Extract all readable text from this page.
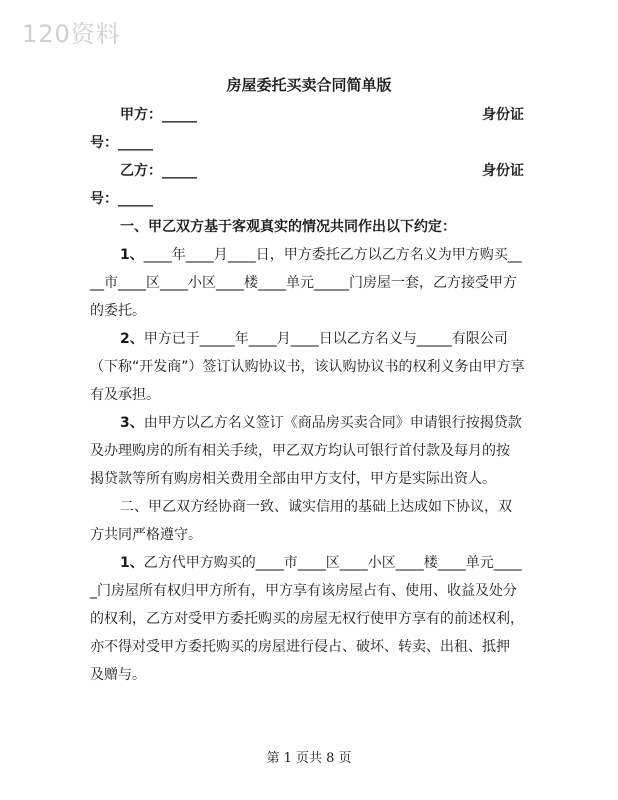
120资料
房屋委托买卖合同简单版
甲方：_____	身份证
号：_____
乙方：_____	身份证
号：_____
一、甲乙双方基于客观真实的情况共同作出以下约定：
1、____年____月____日，甲方委托乙方以乙方名义为甲方购买__
__市____区____小区____楼____单元_____门房屋一套，乙方接受甲方
的委托。
2、甲方已于_____年____月____日以乙方名义与_____有限公司
（下称“开发商”）签订认购协议书，该认购协议书的权利义务由甲方享
有及承担。
3、由甲方以乙方名义签订《商品房买卖合同》申请银行按揭贷款
及办理购房的所有相关手续，甲乙双方均认可银行首付款及每月的按
揭贷款等所有购房相关费用全部由甲方支付，甲方是实际出资人。
二、甲乙双方经协商一致、诚实信用的基础上达成如下协议，双
方共同严格遵守。
1、乙方代甲方购买的____市____区____小区____楼____单元____
_门房屋所有权归甲方所有，甲方享有该房屋占有、使用、收益及处分
的权利，乙方对受甲方委托购买的房屋无权行使甲方享有的前述权利，
亦不得对受甲方委托购买的房屋进行侵占、破坏、转卖、出租、抵押
及赠与。
第 1 页共 8 页
